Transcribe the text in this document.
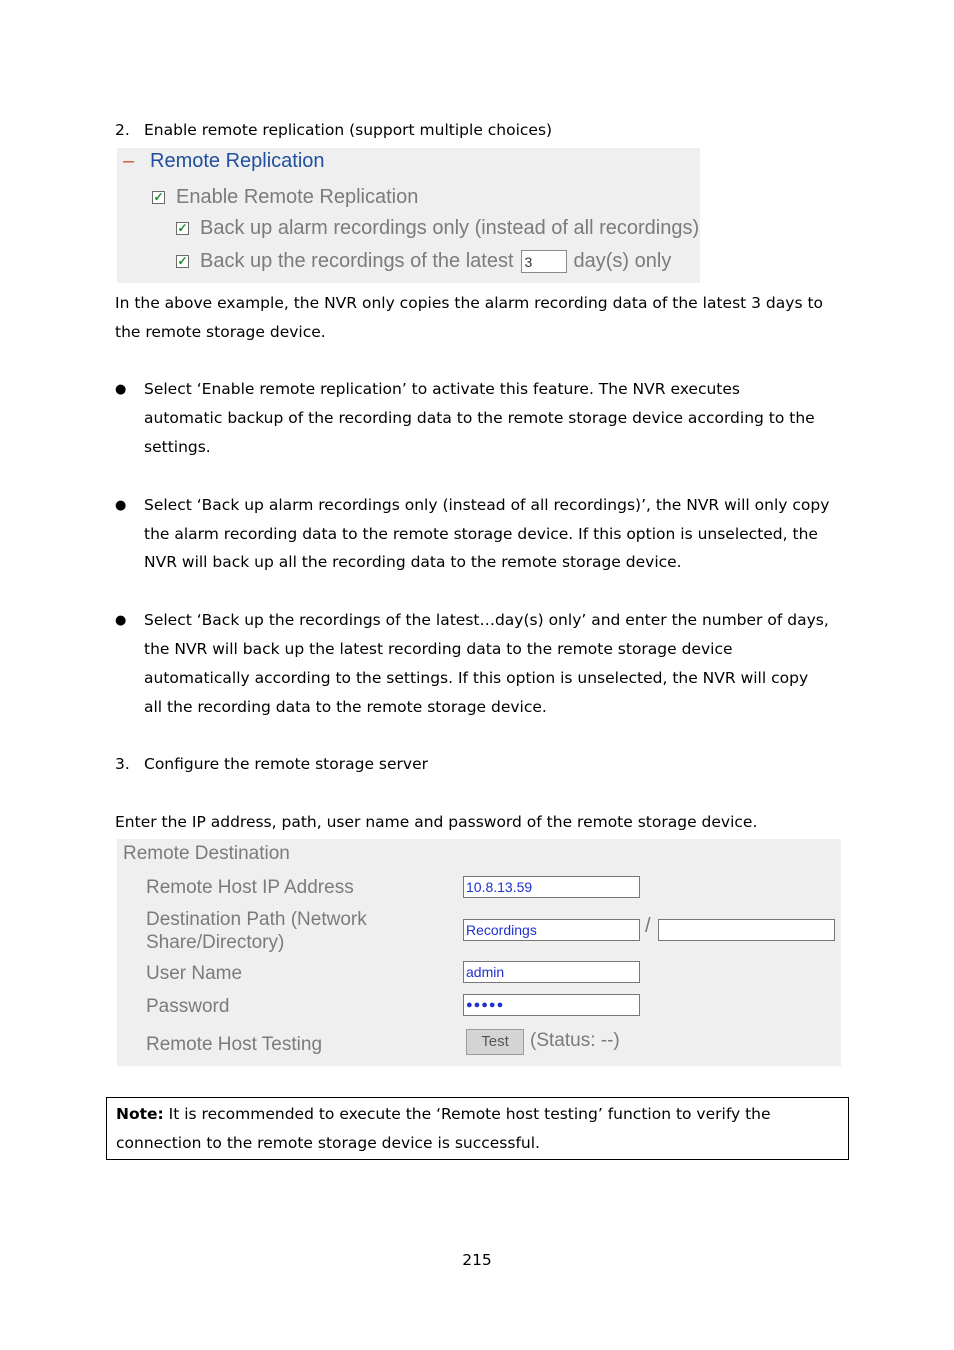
2. Enable remote replication (support multiple choices)
– Remote Replication
✓ Enable Remote Replication
✓ Back up alarm recordings only (instead of all recordings)
✓ Back up the recordings of the latest 3	day(s) only
In the above example, the NVR only copies the alarm recording data of the latest 3 days to
the remote storage device.
● Select ‘Enable remote replication’ to activate this feature. The NVR executes
automatic backup of the recording data to the remote storage device according to the
settings.
● Select ‘Back up alarm recordings only (instead of all recordings)’, the NVR will only copy
the alarm recording data to the remote storage device. If this option is unselected, the
NVR will back up all the recording data to the remote storage device.
● Select ‘Back up the recordings of the latest…day(s) only’ and enter the number of days,
the NVR will back up the latest recording data to the remote storage device
automatically according to the settings. If this option is unselected, the NVR will copy
all the recording data to the remote storage device.
3. Configure the remote storage server
Enter the IP address, path, user name and password of the remote storage device.
Remote Destination
Remote Host IP Address	10.8.13.59
Destination Path (Network
Share/Directory)
Recordings	/
User Name	admin
Password	●●●●●
Remote Host Testing	Test	(Status: --)
Note: It is recommended to execute the ‘Remote host testing’ function to verify the
connection to the remote storage device is successful.
215
